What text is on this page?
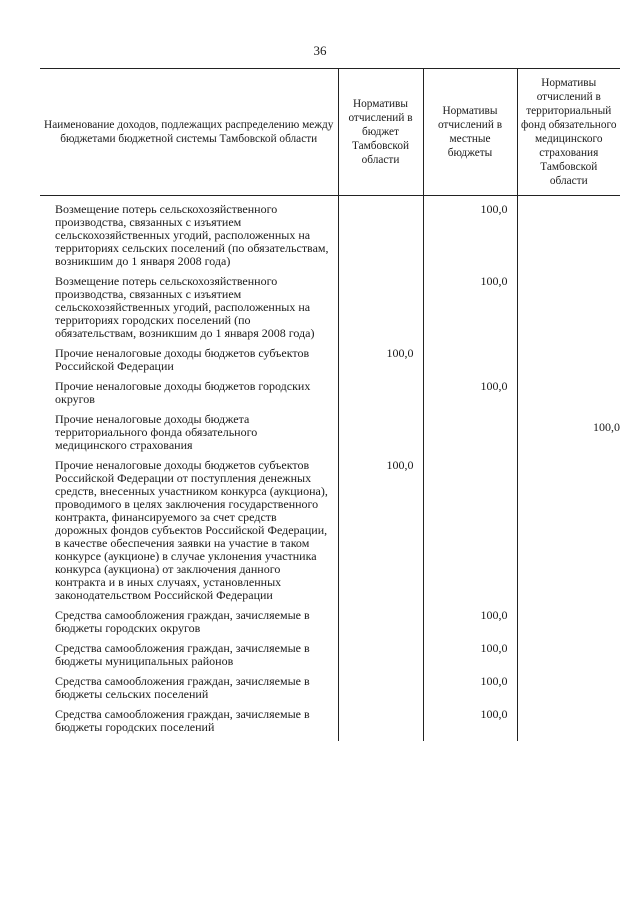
36
Наименование доходов, подлежащих распределению между бюджетами бюджетной системы Тамбовской области	Нормативы отчислений в бюджет Тамбовской области	Нормативы отчислений в местные бюджеты	Нормативы отчислений в территориальный фонд обязательного медицинского страхования Тамбовской области
Возмещение потерь сельскохозяйственного производства, связанных с изъятием сельскохозяйственных угодий, расположенных на территориях сельских поселений (по обязательствам, возникшим до 1 января 2008 года)		100,0	
Возмещение потерь сельскохозяйственного производства, связанных с изъятием сельскохозяйственных угодий, расположенных на территориях городских поселений (по обязательствам, возникшим до 1 января 2008 года)		100,0	
Прочие неналоговые доходы бюджетов субъектов Российской Федерации	100,0		
Прочие неналоговые доходы бюджетов городских округов		100,0	
Прочие неналоговые доходы бюджета территориального фонда обязательного медицинского страхования			100,0
Прочие неналоговые доходы бюджетов субъектов Российской Федерации от поступления денежных средств, внесенных участником конкурса (аукциона), проводимого в целях заключения государственного контракта, финансируемого за счет средств дорожных фондов субъектов Российской Федерации, в качестве обеспечения заявки на участие в таком конкурсе (аукционе) в случае уклонения участника конкурса (аукциона) от заключения данного контракта и в иных случаях, установленных законодательством Российской Федерации	100,0		
Средства самообложения граждан, зачисляемые в бюджеты городских округов		100,0	
Средства самообложения граждан, зачисляемые в бюджеты муниципальных районов		100,0	
Средства самообложения граждан, зачисляемые в бюджеты сельских поселений		100,0	
Средства самообложения граждан, зачисляемые в бюджеты городских поселений		100,0	
